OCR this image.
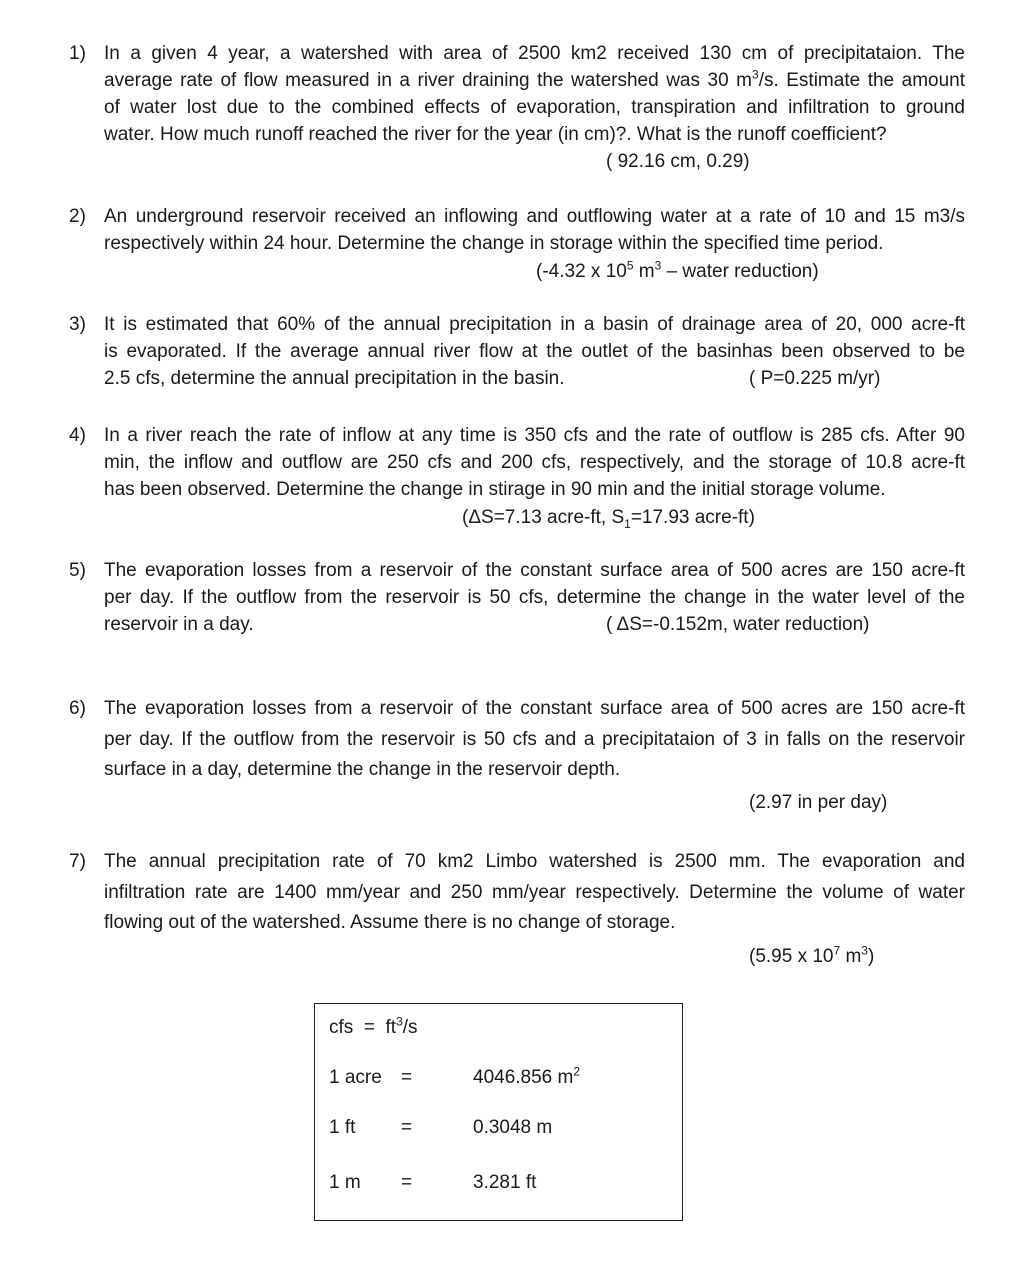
1) In a given 4 year, a watershed with area of 2500 km2 received 130 cm of precipitataion. The
average rate of flow measured in a river draining the watershed was 30 $m^3/s$. Estimate the amount
of water lost due to the combined effects of evaporation, transpiration and infiltration to ground
water. How much runoff reached the river for the year (in cm)?. What is the runoff coefficient?
( 92.16 cm, 0.29)
2) An underground reservoir received an inflowing and outflowing water at a rate of 10 and 15 m3/s
respectively within 24 hour. Determine the change in storage within the specified time period.
(-4.32 x $10^5$ $m^3$ – water reduction)
3) It is estimated that 60% of the annual precipitation in a basin of drainage area of 20, 000 acre-ft
is evaporated. If the average annual river flow at the outlet of the basinhas been observed to be
2.5 cfs, determine the annual precipitation in the basin.	( P=0.225 m/yr)
4) In a river reach the rate of inflow at any time is 350 cfs and the rate of outflow is 285 cfs. After 90
min, the inflow and outflow are 250 cfs and 200 cfs, respectively, and the storage of 10.8 acre-ft
has been observed. Determine the change in stirage in 90 min and the initial storage volume.
(ΔS=7.13 acre-ft, $S_1=17.93$ acre-ft)
5) The evaporation losses from a reservoir of the constant surface area of 500 acres are 150 acre-ft
per day. If the outflow from the reservoir is 50 cfs, determine the change in the water level of the
reservoir in a day.	( ΔS=-0.152m, water reduction)
6) The evaporation losses from a reservoir of the constant surface area of 500 acres are 150 acre-ft
per day. If the outflow from the reservoir is 50 cfs and a precipitataion of 3 in falls on the reservoir
surface in a day, determine the change in the reservoir depth.
(2.97 in per day)
7) The annual precipitation rate of 70 km2 Limbo watershed is 2500 mm. The evaporation and
infiltration rate are 1400 mm/year and 250 mm/year respectively. Determine the volume of water
flowing out of the watershed. Assume there is no change of storage.
(5.95 x $10^7$ $m^3$)
cfs  =  $ft^3/s$
1 acre =	4046.856 $m^2$
1 ft =	0.3048 m
1 m =	3.281 ft
